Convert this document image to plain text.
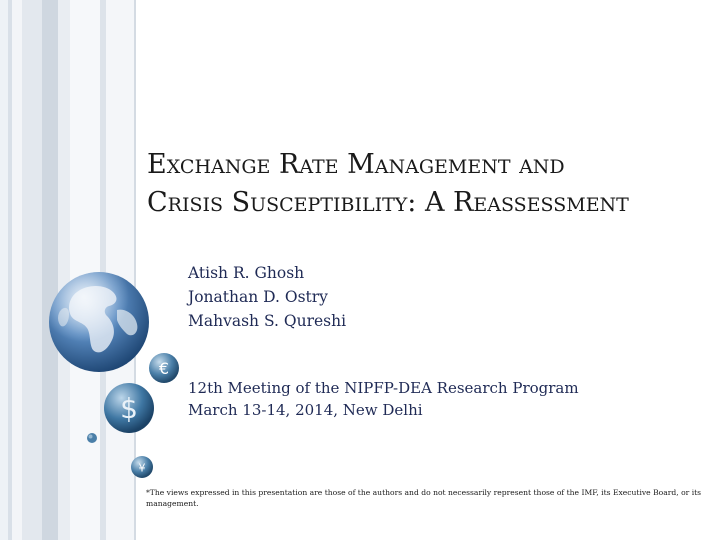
€
$
¥
Exchange Rate Management and
Crisis Susceptibility: A Reassessment
Atish R. Ghosh
Jonathan D. Ostry
Mahvash S. Qureshi
12th Meeting of the NIPFP-DEA Research Program
March 13-14, 2014, New Delhi
*The views expressed in this presentation are those of the authors and do not necessarily represent those of the IMF, its Executive Board, or its management.
